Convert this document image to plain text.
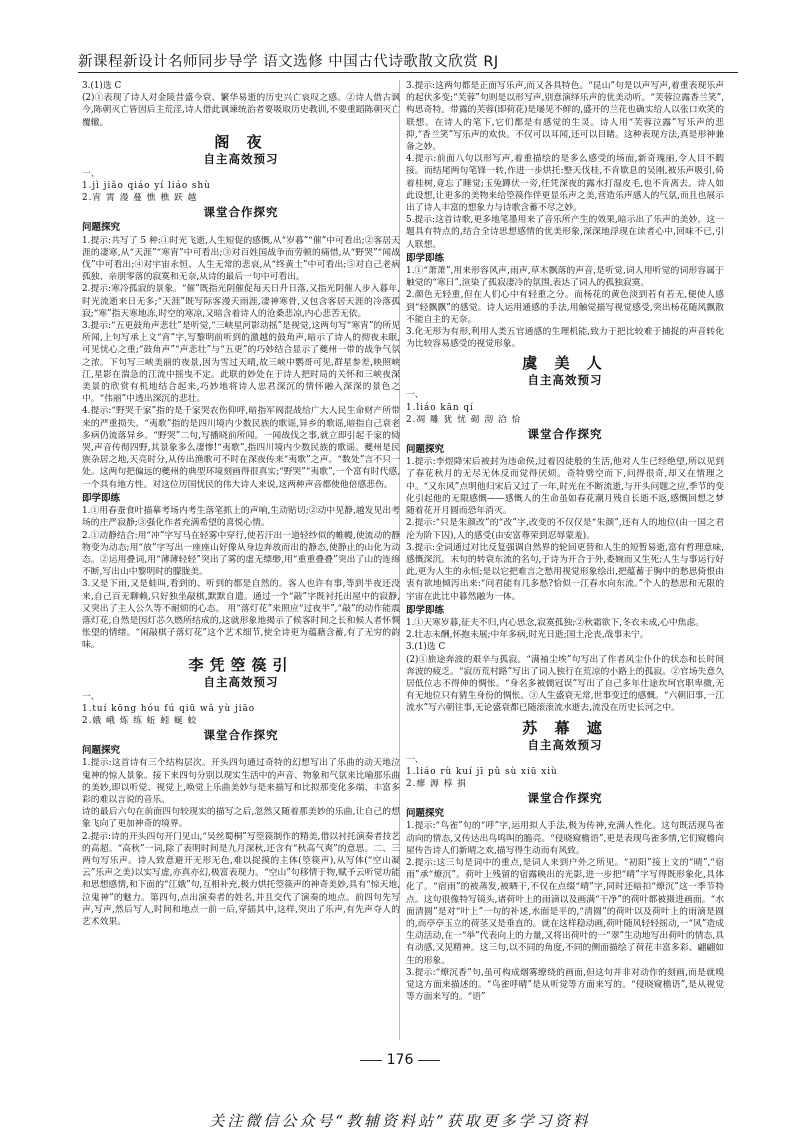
新课程新设计名师同步导学 语文选修 中国古代诗歌散文欣赏 RJ

3.(1)选 C

(2)①表现了诗人对金陵昔盛今衰、繁华易逝的历史兴亡哀叹之感。②诗人借古讽今,陈朝灭亡皆因后主荒淫,诗人借此讽谏统治者要吸取历史教训,不要重蹈陈朝灭亡覆辙。

阁 夜
自主高效预习

一、

1.jì jiǎo qiáo yí liáo shù

2.宵 霄 漫 蔓 憔 樵 跃 越

课堂合作探究
问题探究

1.提示:共写了 5 种:①时光飞逝,人生短促的感慨,从“岁暮”“催”中可看出;②客居天涯的凄寒,从“天涯”“寒宵”中可看出;③对百姓国战争而劳顿的痛惜,从“野哭”“闻战伐”中可看出;④对宇宙永恒、人生无常的悲哀,从“终黄土”中可看出;⑤对自己老病孤独、亲朋零落的寂寞和无奈,从诗的最后一句中可看出。

2.提示:寒冷孤寂的景象。“催”既指光阴催促每天日升日落,又指光阴催人步入暮年,时光流逝来日无多;“天涯”既写际客漫天雨涯,凄神寒骨,又包含客居天涯的冷落孤寂;“寒”指天寒地冻,时空的寒凉,又暗含着诗人的沧桑悲凉,内心悲苦无依。

3.提示:“五更鼓角声悲壮”是听觉,“三峡星河影动摇”是视觉,这两句写“寒宵”的所见所闻,上句写承上文“宵”字,写黎明前听到的激越的鼓角声,暗示了诗人的彻夜未眠,可见忧心之重;“鼓角声”“声悲壮”与“五更”的巧妙结合显示了夔州一带的战争气氛之浓。下句写三峡美丽的夜景,因为雪过天晴,故三峡中鹦哥可见,群星参差,映照峡江,星影在湍急的江流中摇曳不定。此联的妙处在于诗人把时局的关怀和三峡夜深美景的欣赏有机地结合起来,巧妙地将诗人忠君深沉的情怀融入深深的景色之中。“伟丽”中透出深沉的悲壮。

4.提示:“野哭千家”指的是千家哭农伤仰呼,暗指军阀混战给广大人民生命财产所带来的严重损失。“夷歌”指的是四川境内少数民族的歌谣,异乡的歌谣,暗指自己衰老多病仍流落异乡。“野哭”二句,写播晓前所闻。一闻战伐之事,就立即引起千家的恸哭,声音传彻四野,其景象多么凄惨!“夷歌”,指四川境内少数民族的歌谣。夔州是民族杂居之地,天亮时分,从传出渔歌可不时在深夜传来“夷歌”之声。“数处”言不只一处。这两句把偏远的夔州的典型环境刻画得很真实;“野哭”“夷歌”,一个富有时代感,一个具有地方性。对这位历国忧民的伟大诗人来说,这两种声音都使他倍感悲伤。

即学即练

1.①用春蚕食叶描摹考场内考生落笔抓上的声响,生动贴切;②动中见静,越发见出考场的庄严寂静;③强化作者充满希望的喜悦心情。

2.①动静结合:用“冲”字写马在轻雾中穿行,使若汗出一道轻纱似的帷幔,使流动的静物变为动态;用“放”字写出一座座山好像从身边奔放而出的静态,使静止的山化为动态。②运用叠词,用“薄薄轻轻”突出了雾的虚无缥缈,用“重重叠叠”突出了山的连绵不断,写出山中黎明时的朦胧美。

3.又是下雨,又是蛙叫,看到的、听到的都是自然的。客人也许有事,等到半夜还没来,自己百无聊赖,只好独坐敲棋,默默自遣。通过一个“敲”字既衬托出屋中的寂静,又突出了主人公久等不耐烦的心态。 用“落灯花”来照应“过夜半”,“敲”的动作能震落灯花,自然是因灯芯久燃所结成的,这就形象地揭示了候客时间之长和候人者怀惆怅望的情绪。“闲敲棋子落灯花”这个艺术细节,使全诗更为蕴藉含蓄,有了无穷的韵味。

李凭箜篌引
自主高效预习

一、

1.tuí kōng hóu fú qiū wǎ yù jiāo

2.娥 峨 炼 练 蚯 蚓 蜒 蛟

课堂合作探究
问题探究

1.提示:这首诗有三个结构层次。开头四句通过奇特的幻想写出了乐曲的动天地泣鬼神的惊人景象。接下来四句分别以现实生活中的声音、物象和气氛来比喻那乐曲的美妙,即以听觉、视觉上,唤觉上乐曲美妙与是来描写和比拟那变化多端、丰富多彩的难以言说的音乐。

诗的最后六句在前面四句较现实的描写之后,忽然又随着那美妙的乐曲,让自己的想象飞向了更加神奇的境界。

2.提示:诗的开头四句开门见山,“吴丝蜀桐”写箜篌制作的精美,借以衬托演奏者技艺的高超。“高秋”一词,除了表明时间是九月深秋,还含有“秋高气爽”的意思。二、三两句写乐声。诗人致意避开无形无色,难以捉摸的主体(箜篌声),从写体(“空山凝云”乐声之美)以实写虚,亦真亦幻,极富表现力。“空山”句移情于物,赋予云听觉功能和思想感情,和下面的“江娥”句,互相补充,极力烘托箜篌声的神奇美妙,具有“惊天地,泣鬼神”的魅力。第四句,点出演奏者的姓名,并且交代了演奏的地点。前四句先写声,写声,然后写人,时间和地点一前一后,穿插其中,这样,突出了乐声,有先声夺人的艺术效果。

3.提示:这两句都是正面写乐声,而又各具特色。“昆山”句是以声写声,着重表现乐声的起伏多变;“芙蓉”句则是以形写声,别意演绎乐声的优美动听。“芙蓉泣露香兰笑”,构思奇特。带露的芙蓉(即荷花)是屡见不鲜的,盛开的兰花也确实给人以张口欢笑的联想。在诗人的笔下,它们都是有感觉的生灵。诗人用“芙蓉泣露”写乐声的悲抑,“香兰笑”写乐声的欢快。不仅可以耳闻,还可以目睹。这种表现方法,真是形神兼备之妙。

4.提示:前面八句以形写声,着重描绘的是多么感受的场面,新奇瑰丽,令人目不暇接。而结尾两句笔锋一转,作进一步烘托:整天伐桂,不肯歇息的吴刚,被乐声吸引,倚着桂树,竟忘了睡觉;玉兔蹲伏一旁,任凭深夜的露水打湿皮毛,也不肯离去。诗人如此设想,让更多的美物来给箜篌作伴更显乐声之美,营造乐声感人的气氛,而且也展示出了诗人丰富的想象力与诗歌含蓄不尽之妙。

5.提示:这首诗歌,更多地笔墨用来了音乐所产生的效果,暗示出了乐声的美妙。这一题具有特点的,结合全诗思想感情的优美形象,深深地浮现在读者心中,回味不已,引人联想。

即学即练

1.①“萧萧”,用来形容风声,雨声,草木飘落的声音,是听觉,词人用听觉的词形容属于触觉的“寒日”,渲染了孤寂凄冷的氛围,表达了词人的孤独寂寞。

2.颜色无轻重,但在人们心中有轻重之分。而杨花的黄色淡到若有若无,便使人感到“轻飘飘”的感觉。诗人运用通感的手法,用触觉描写视觉感受,突出杨花随风飘散不能自主的无奈。

3.化无形为有形,利用人类五官通感的生理机能,致力于把比较难于捕捉的声音转化为比较容易感受的视觉形象。

虞 美 人
自主高效预习

一、

1.liáo kān qí

2.凋 雕 犹 忧 砌 沏 洽 恰

课堂合作探究
问题探究

1.提示:李煜降宋后被封为违命侯,过着囚徒般的生活,他对人生已经绝望,所以见到了春花秋月的无尽无休反而觉得厌烦。奇特劈空而下,问得很奇,却又在情理之中。“又东风”点明他归宋后又过了一年,时光在不断流逝,与开头问题之应,季节的变化引起他的无限感慨——感慨人的生命虽如春花潮月残自长逝不返,感慨回想之梦随着花开月圆而恐年消灭。

2.提示:“只是朱颜改”的“改”字,改变的不仅仅是“朱颜”,还有人的地位(由一国之君沦为阶下囚),人的感受(由安富尊荣到忍辱蒙羞)。

3.提示:全词通过对比反复强调自然界的轮回更替和人生的短暂易逝,富有哲理意味,感慨深沉。末句的转衰东流的名句,于诗为开合于外,委婉而又生死;人生与事运行好此,更为人生的永恒;是以它把难言之愁用视觉形象绘出,把蕴蓄于胸中的愁思倚恨由衷有欲地倾泻出来:“问君能有几多愁?恰似一江春水向东流。”个人的愁思和无限的宇宙在此比中暮然融为一体。

即学即练

1.①天寒岁暮,征夫不归,内心思念,寂寞孤独;②秋霜欲下,冬衣未成,心中焦虑。

2.壮志未酬,怀抱未展;中年多病,时光日逝;国土沦丧,战事未宁。

3.(1)选 C

(2)①旅途奔波的艰辛与孤寂。“满袖尘埃”句写出了作者风尘仆仆的状态和长时间奔波的疲乏。“寂历荒村路”写出了词人独行在荒凉的小路上的孤寂。②官场失意久居低位志不得伸的惆怅。“身名多被儒冠误”写出了自己多年仕途坎坷官职卑微,无有无地位只有猜生身份的惆怅。③人生盛衰无常,世事变迁的感慨。“六朝旧事,一江流水”写六朝往事,无论盛衰都已随滚滚流水逝去,流没在历史长河之中。

苏 幕 遮
自主高效预习

一、

1.liáo rù kuí jī pǔ sù xiū xiù

2.瘳 溽 椁 捐

课堂合作探究
问题探究

1.提示:“鸟雀”句的“呼”字,运用拟人手法,极为传神,充满人性化。这句既活现鸟雀动向的情态,又传达出鸟鸣叫的脆亮。“侵晓窥檐语”,更是表现鸟雀多情,它们窥檐向屋传告诗人们新晴之欢,描写得生动而有风致。

2.提示:这三句是词中的重点,是词人来到户外之所见。“初阳”接上文的“晴”,“宿雨”承“燎沉”。荷叶上残留的宿露映出的光影,进一步把“晴”字写得既形象化,具体化了。“宿雨”的被蒸发,被晒干,不仅在点缀“晴”字,同时还暗扣“燎沉”这一季节特点。这句很像特写镜头,诸荷叶上的雨滴以及画满“干净”的荷叶都被摄进画面。“水面清圆”是对“叶上”一句的补述,水面是平的,“清圆”的荷叶以及荷叶上的雨滴是圆的,而亭亭玉立的荷茎又是垂直的。就在这样稳动画,荷叶随风轻轻摇动,一“风”造成生动活动,在一“举”代表向上的力量,又将出荷叶的一“翠”生动地写出荷叶的情态,具有动感,又见精神。这三句,以不同的角度,不同的侧面描绘了荷花丰富多彩、翩翩如生的形象。

3.提示:“燎沉香”句,虽可构成烟雾缭绕的画面,但这句并非对动作的刻画,而是就嗅觉这方面来描述的。“鸟雀呼晴”是从听觉等方面来写的。“侵晓窥檐语”,是从视觉等方面来写的。“语”

176
关注微信公众号“教辅资料站”获取更多学习资料
